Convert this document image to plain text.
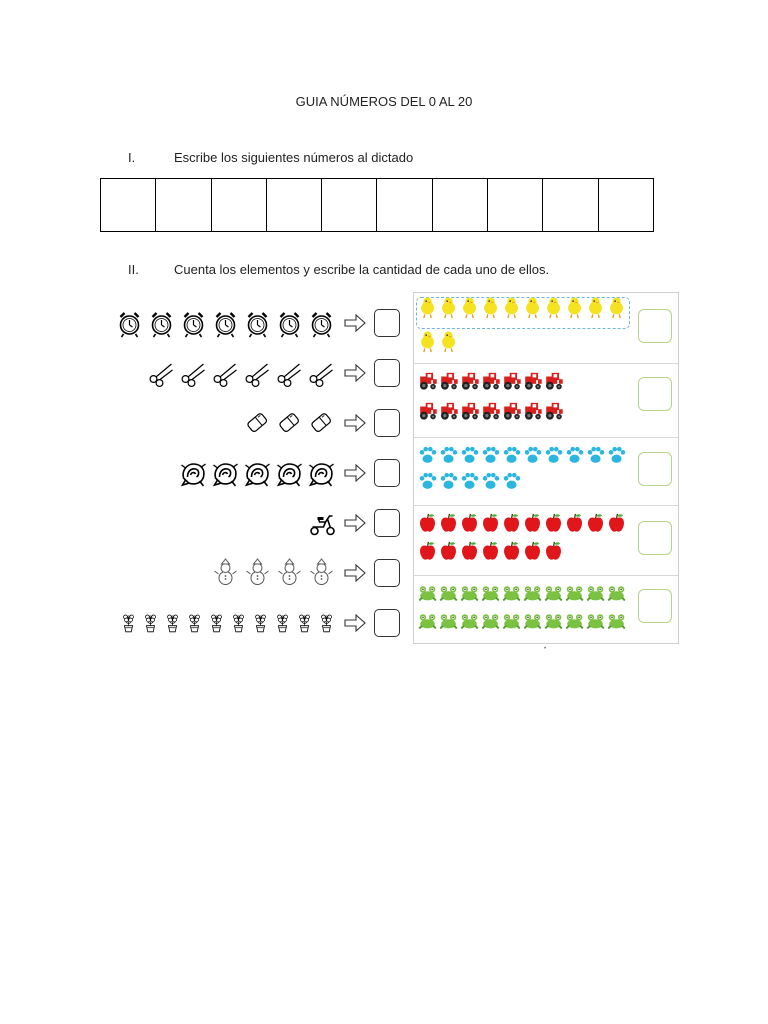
GUIA NÚMEROS DEL 0 AL 20
I.	Escribe los siguientes números al dictado
II.	Cuenta los elementos y escribe la cantidad de cada uno de ellos.
•
